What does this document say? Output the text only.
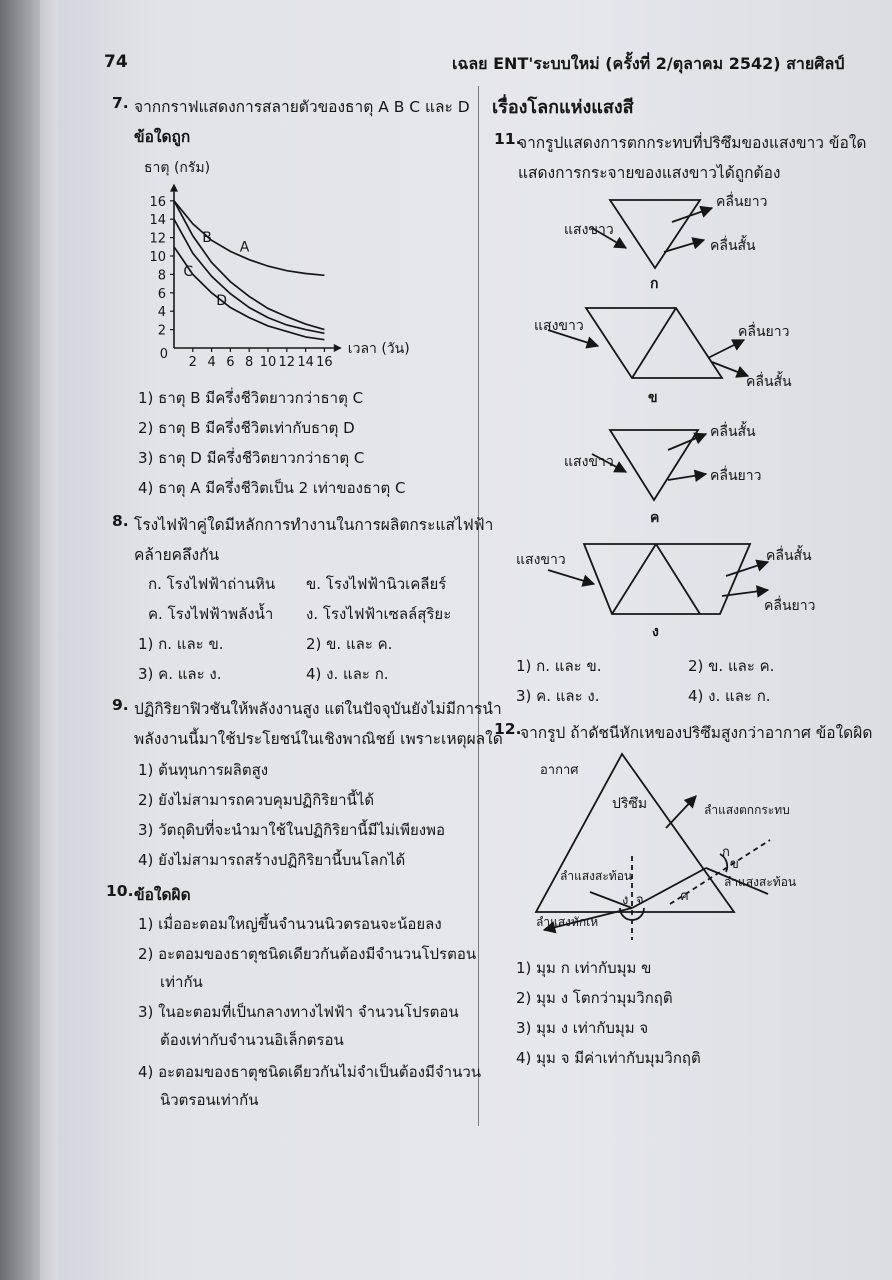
74	เฉลย ENT'ระบบใหม่ (ครั้งที่ 2/ตุลาคม 2542) สายศิลป์
7. จากกราฟแสดงการสลายตัวของธาตุ A B C และ D
ข้อใดถูก
ธาตุ (กรัม)
เวลา (วัน)
0
2 4 6 8 10 12 14 16
2
4
6
8
10
12
14
16
A
B
C
D
1) ธาตุ B มีครึ่งชีวิตยาวกว่าธาตุ C
2) ธาตุ B มีครึ่งชีวิตเท่ากับธาตุ D
3) ธาตุ D มีครึ่งชีวิตยาวกว่าธาตุ C
4) ธาตุ A มีครึ่งชีวิตเป็น 2 เท่าของธาตุ C
8. โรงไฟฟ้าคู่ใดมีหลักการทำงานในการผลิตกระแสไฟฟ้า
คล้ายคลึงกัน
ก. โรงไฟฟ้าถ่านหิน ข. โรงไฟฟ้านิวเคลียร์
ค. โรงไฟฟ้าพลังน้ำ ง. โรงไฟฟ้าเซลล์สุริยะ
1) ก. และ ข.	2) ข. และ ค.
3) ค. และ ง.	4) ง. และ ก.
9. ปฏิกิริยาฟิวชันให้พลังงานสูง แต่ในปัจจุบันยังไม่มีการนำ
พลังงานนี้มาใช้ประโยชน์ในเชิงพาณิชย์ เพราะเหตุผลใด
1) ต้นทุนการผลิตสูง
2) ยังไม่สามารถควบคุมปฏิกิริยานี้ได้
3) วัตถุดิบที่จะนำมาใช้ในปฏิกิริยานี้มีไม่เพียงพอ
4) ยังไม่สามารถสร้างปฏิกิริยานี้บนโลกได้
10. ข้อใดผิด
1) เมื่ออะตอมใหญ่ขึ้นจำนวนนิวตรอนจะน้อยลง
2) อะตอมของธาตุชนิดเดียวกันต้องมีจำนวนโปรตอน
เท่ากัน
3) ในอะตอมที่เป็นกลางทางไฟฟ้า จำนวนโปรตอน
ต้องเท่ากับจำนวนอิเล็กตรอน
4) อะตอมของธาตุชนิดเดียวกันไม่จำเป็นต้องมีจำนวน
นิวตรอนเท่ากัน
เรื่องโลกแห่งแสงสี
11.
จากรูปแสดงการตกกระทบที่ปริซึมของแสงขาว ข้อใด
แสดงการกระจายของแสงขาวได้ถูกต้อง
แสงขาว
คลื่นยาว
คลื่นสั้น
ก
แสงขาว	คลื่นยาว
คลื่นสั้น
ข
แสงขาว
คลื่นสั้น
คลื่นยาว
ค
แสงขาว	คลื่นสั้น
คลื่นยาว
ง
1) ก. และ ข.	2) ข. และ ค.
3) ค. และ ง.	4) ง. และ ก.
12.
จากรูป ถ้าดัชนีหักเหของปริซึมสูงกว่าอากาศ ข้อใดผิด
อากาศ
ปริซึม	ลำแสงตกกระทบ
ลำแสงสะท้อน
ลำแสงสะท้อน
ลำแสงหักเห
ก
ข
ค
ง จ
1) มุม ก เท่ากับมุม ข
2) มุม ง โตกว่ามุมวิกฤติ
3) มุม ง เท่ากับมุม จ
4) มุม จ มีค่าเท่ากับมุมวิกฤติ
